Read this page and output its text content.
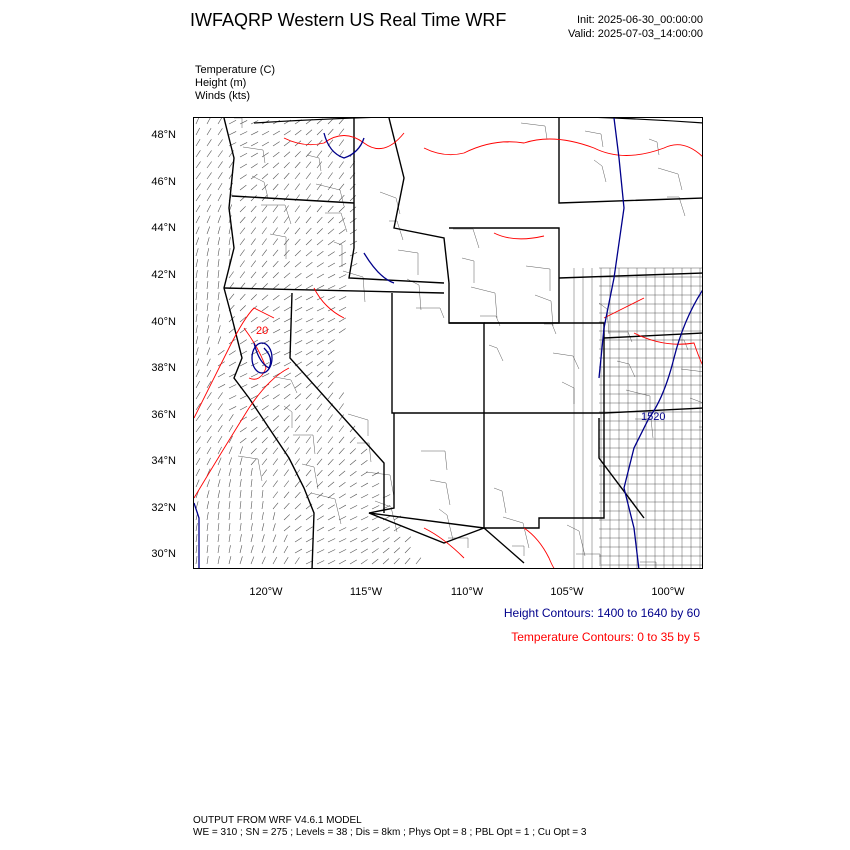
IWFAQRP Western US Real Time WRF	Init: 2025-06-30_00:00:00
Valid: 2025-07-03_14:00:00
Temperature (C)
Height (m)
Winds (kts)
48°N
46°N
44°N
42°N
40°N
38°N
36°N
34°N
32°N
30°N
120°W	115°W	110°W	105°W	100°W
20
1520
Height Contours: 1400 to 1640 by 60
Temperature Contours: 0 to 35 by 5
OUTPUT FROM WRF V4.6.1 MODEL
WE = 310 ; SN = 275 ; Levels = 38 ; Dis = 8km ; Phys Opt = 8 ; PBL Opt = 1 ; Cu Opt = 3
